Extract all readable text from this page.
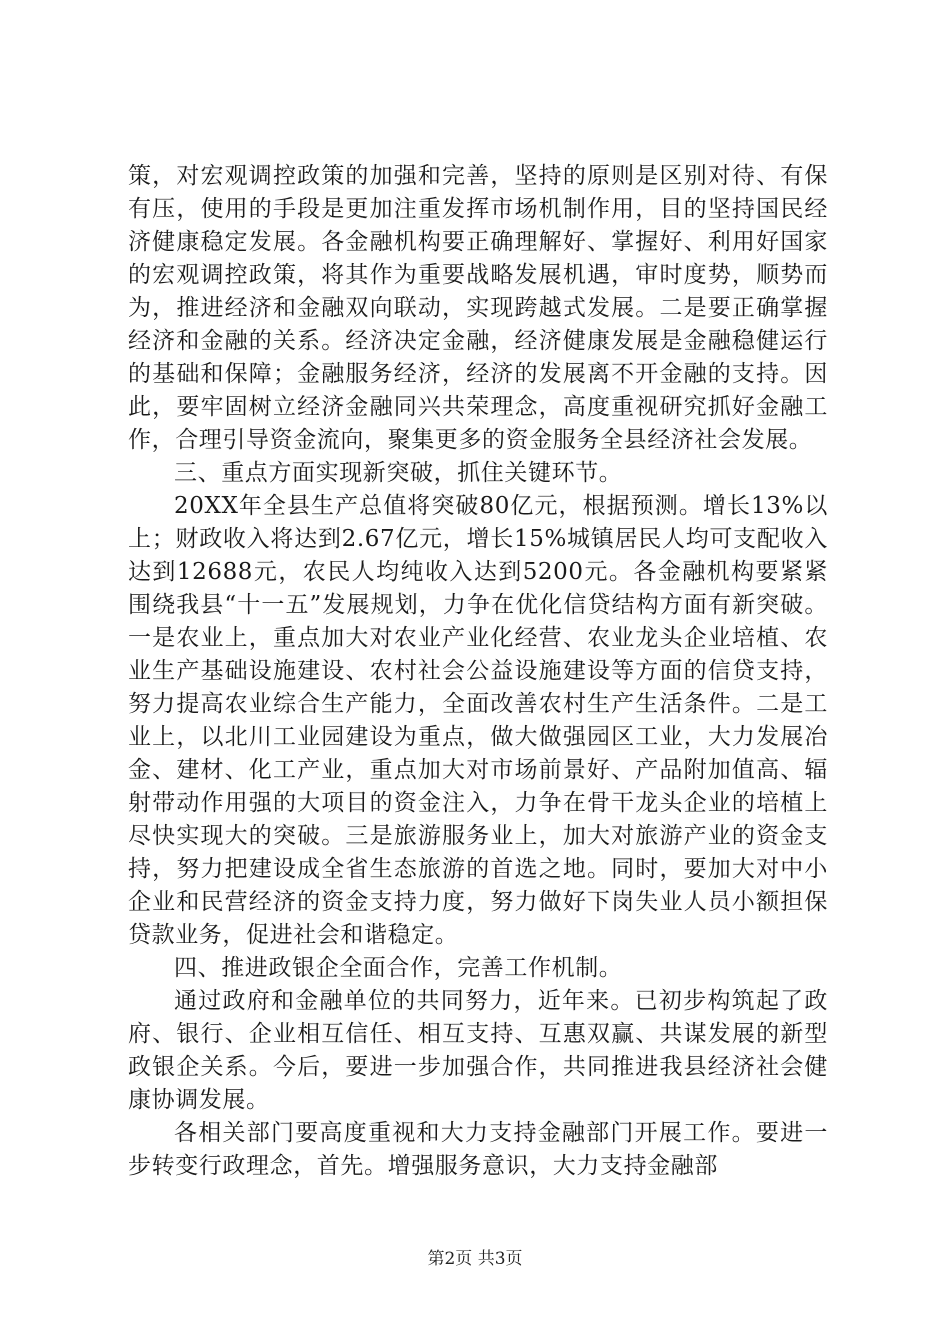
策，对宏观调控政策的加强和完善，坚持的原则是区别对待、有保有压，使用的手段是更加注重发挥市场机制作用，目的坚持国民经济健康稳定发展。各金融机构要正确理解好、掌握好、利用好国家的宏观调控政策，将其作为重要战略发展机遇，审时度势，顺势而为，推进经济和金融双向联动，实现跨越式发展。二是要正确掌握经济和金融的关系。经济决定金融，经济健康发展是金融稳健运行的基础和保障；金融服务经济，经济的发展离不开金融的支持。因此，要牢固树立经济金融同兴共荣理念，高度重视研究抓好金融工作，合理引导资金流向，聚集更多的资金服务全县经济社会发展。

三、重点方面实现新突破，抓住关键环节。

20XX年全县生产总值将突破80亿元，根据预测。增长13%以上；财政收入将达到2.67亿元，增长15%城镇居民人均可支配收入达到12688元，农民人均纯收入达到5200元。各金融机构要紧紧围绕我县“十一五”发展规划，力争在优化信贷结构方面有新突破。一是农业上，重点加大对农业产业化经营、农业龙头企业培植、农业生产基础设施建设、农村社会公益设施建设等方面的信贷支持，努力提高农业综合生产能力，全面改善农村生产生活条件。二是工业上，以北川工业园建设为重点，做大做强园区工业，大力发展冶金、建材、化工产业，重点加大对市场前景好、产品附加值高、辐射带动作用强的大项目的资金注入，力争在骨干龙头企业的培植上尽快实现大的突破。三是旅游服务业上，加大对旅游产业的资金支持，努力把建设成全省生态旅游的首选之地。同时，要加大对中小企业和民营经济的资金支持力度，努力做好下岗失业人员小额担保贷款业务，促进社会和谐稳定。

四、推进政银企全面合作，完善工作机制。

通过政府和金融单位的共同努力，近年来。已初步构筑起了政府、银行、企业相互信任、相互支持、互惠双赢、共谋发展的新型政银企关系。今后，要进一步加强合作，共同推进我县经济社会健康协调发展。

各相关部门要高度重视和大力支持金融部门开展工作。要进一步转变行政理念，首先。增强服务意识，大力支持金融部

第2页 共3页
